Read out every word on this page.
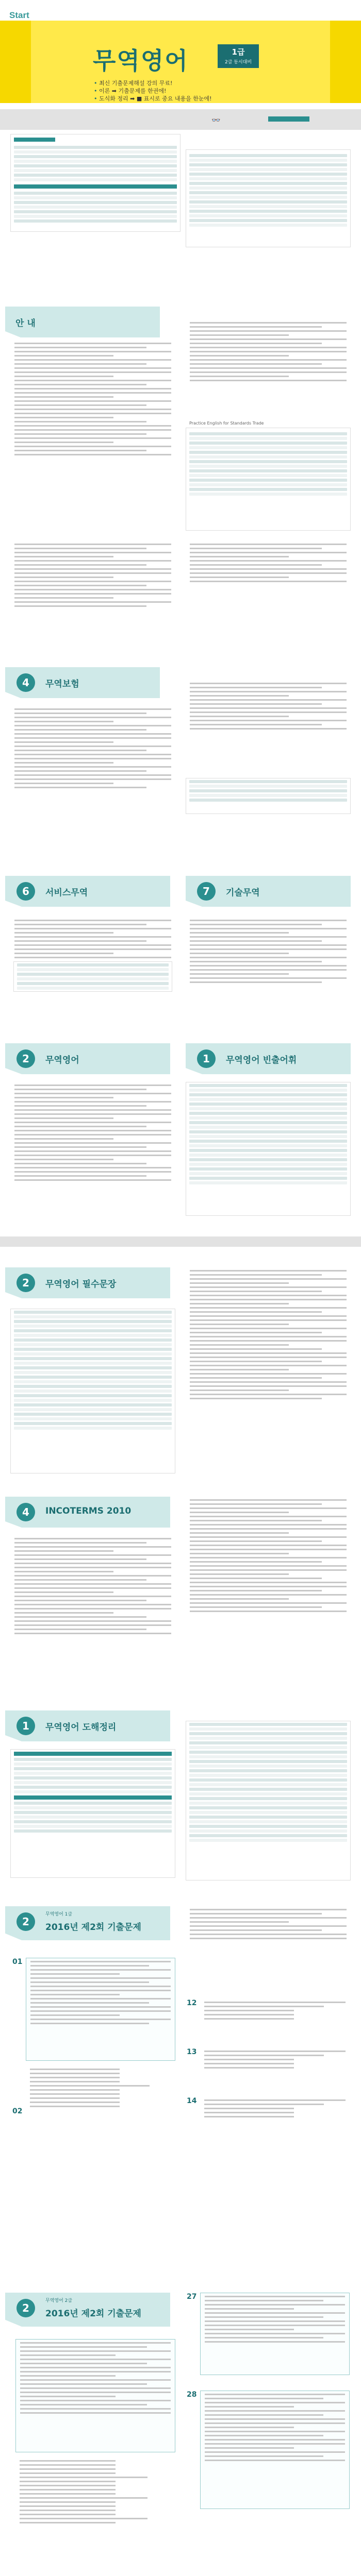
Start
무역영어	1급
2급 동시대비
• 최신 기출문제해설 강의 무료!
• 이론 ➡ 기출문제를 한권에!
• 도식화 정리 ➡ ■ 표시로 중요 내용을 한눈에!
👓
안 내
Practice English for Standards Trade
4	무역보험
6	서비스무역	7	기술무역
2	무역영어	1	무역영어 빈출어휘
2	무역영어 필수문장
4	INCOTERMS 2010
1	무역영어 도해정리
2
무역영어 1급
2016년 제2회 기출문제
01
02
12
13
14
2
무역영어 2급
2016년 제2회 기출문제
27
28
